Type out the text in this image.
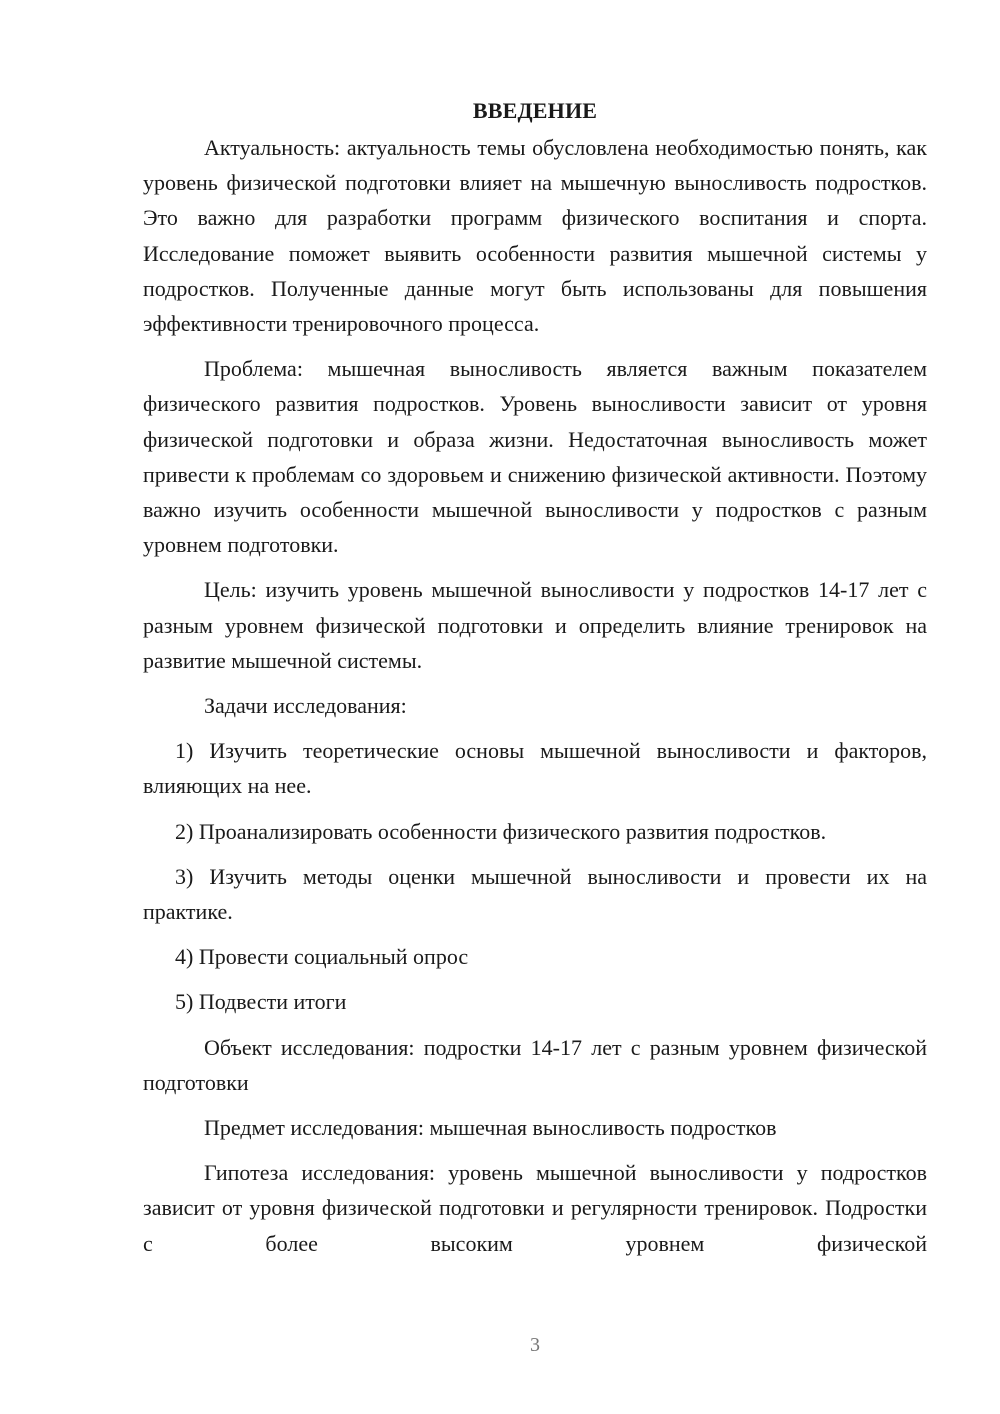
ВВЕДЕНИЕ

Актуальность: актуальность темы обусловлена необходимостью понять, как уровень физической подготовки влияет на мышечную выносливость подростков. Это важно для разработки программ физического воспитания и спорта. Исследование поможет выявить особенности развития мышечной системы у подростков. Полученные данные могут быть использованы для повышения эффективности тренировочного процесса.

Проблема: мышечная выносливость является важным показателем физического развития подростков. Уровень выносливости зависит от уровня физической подготовки и образа жизни. Недостаточная выносливость может привести к проблемам со здоровьем и снижению физической активности. Поэтому важно изучить особенности мышечной выносливости у подростков с разным уровнем подготовки.

Цель: изучить уровень мышечной выносливости у подростков 14-17 лет с разным уровнем физической подготовки и определить влияние тренировок на развитие мышечной системы.

Задачи исследования:

1) Изучить теоретические основы мышечной выносливости и факторов, влияющих на нее.

2) Проанализировать особенности физического развития подростков.

3) Изучить методы оценки мышечной выносливости и провести их на практике.

4) Провести социальный опрос

5) Подвести итоги

Объект исследования: подростки 14-17 лет с разным уровнем физической подготовки

Предмет исследования: мышечная выносливость подростков

Гипотеза исследования: уровень мышечной выносливости у подростков зависит от уровня физической подготовки и регулярности тренировок. Подростки с более высоким уровнем физической

3
